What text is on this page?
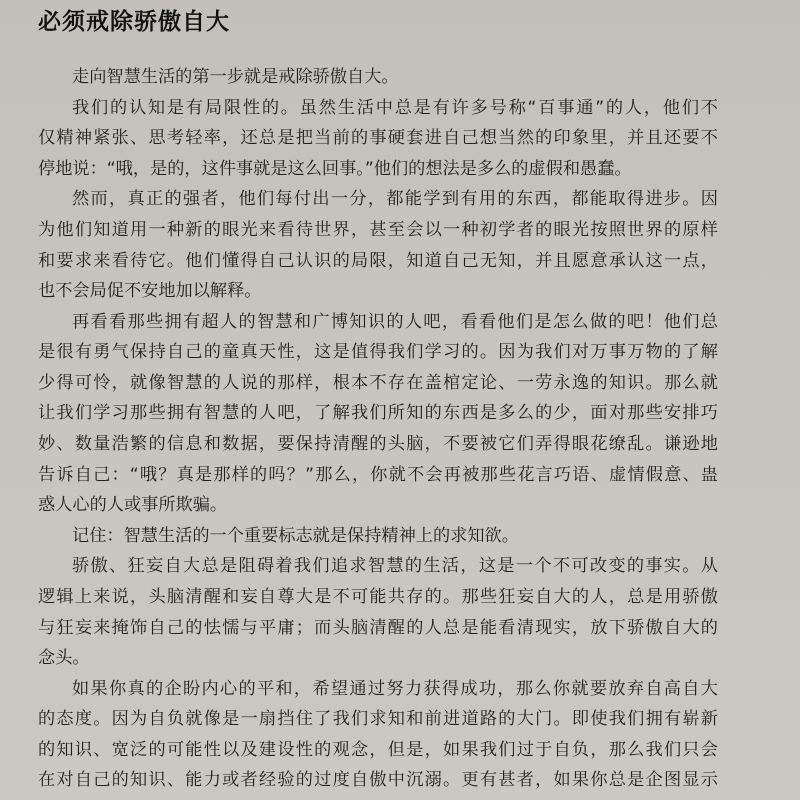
必须戒除骄傲自大
走向智慧生活的第一步就是戒除骄傲自大。
我们的认知是有局限性的。虽然生活中总是有许多号称“百事通”的人，他们不
仅精神紧张、思考轻率，还总是把当前的事硬套进自己想当然的印象里，并且还要不
停地说：“哦，是的，这件事就是这么回事。”他们的想法是多么的虚假和愚蠢。
然而，真正的强者，他们每付出一分，都能学到有用的东西，都能取得进步。因
为他们知道用一种新的眼光来看待世界，甚至会以一种初学者的眼光按照世界的原样
和要求来看待它。他们懂得自己认识的局限，知道自己无知，并且愿意承认这一点，
也不会局促不安地加以解释。
再看看那些拥有超人的智慧和广博知识的人吧，看看他们是怎么做的吧！他们总
是很有勇气保持自己的童真天性，这是值得我们学习的。因为我们对万事万物的了解
少得可怜，就像智慧的人说的那样，根本不存在盖棺定论、一劳永逸的知识。那么就
让我们学习那些拥有智慧的人吧，了解我们所知的东西是多么的少，面对那些安排巧
妙、数量浩繁的信息和数据，要保持清醒的头脑，不要被它们弄得眼花缭乱。谦逊地
告诉自己：“哦？真是那样的吗？”那么，你就不会再被那些花言巧语、虚情假意、蛊
惑人心的人或事所欺骗。
记住：智慧生活的一个重要标志就是保持精神上的求知欲。
骄傲、狂妄自大总是阻碍着我们追求智慧的生活，这是一个不可改变的事实。从
逻辑上来说，头脑清醒和妄自尊大是不可能共存的。那些狂妄自大的人，总是用骄傲
与狂妄来掩饰自己的怯懦与平庸；而头脑清醒的人总是能看清现实，放下骄傲自大的
念头。
如果你真的企盼内心的平和，希望通过努力获得成功，那么你就要放弃自高自大
的态度。因为自负就像是一扇挡住了我们求知和前进道路的大门。即使我们拥有崭新
的知识、宽泛的可能性以及建设性的观念，但是，如果我们过于自负，那么我们只会
在对自己的知识、能力或者经验的过度自傲中沉溺。更有甚者，如果你总是企图显示
